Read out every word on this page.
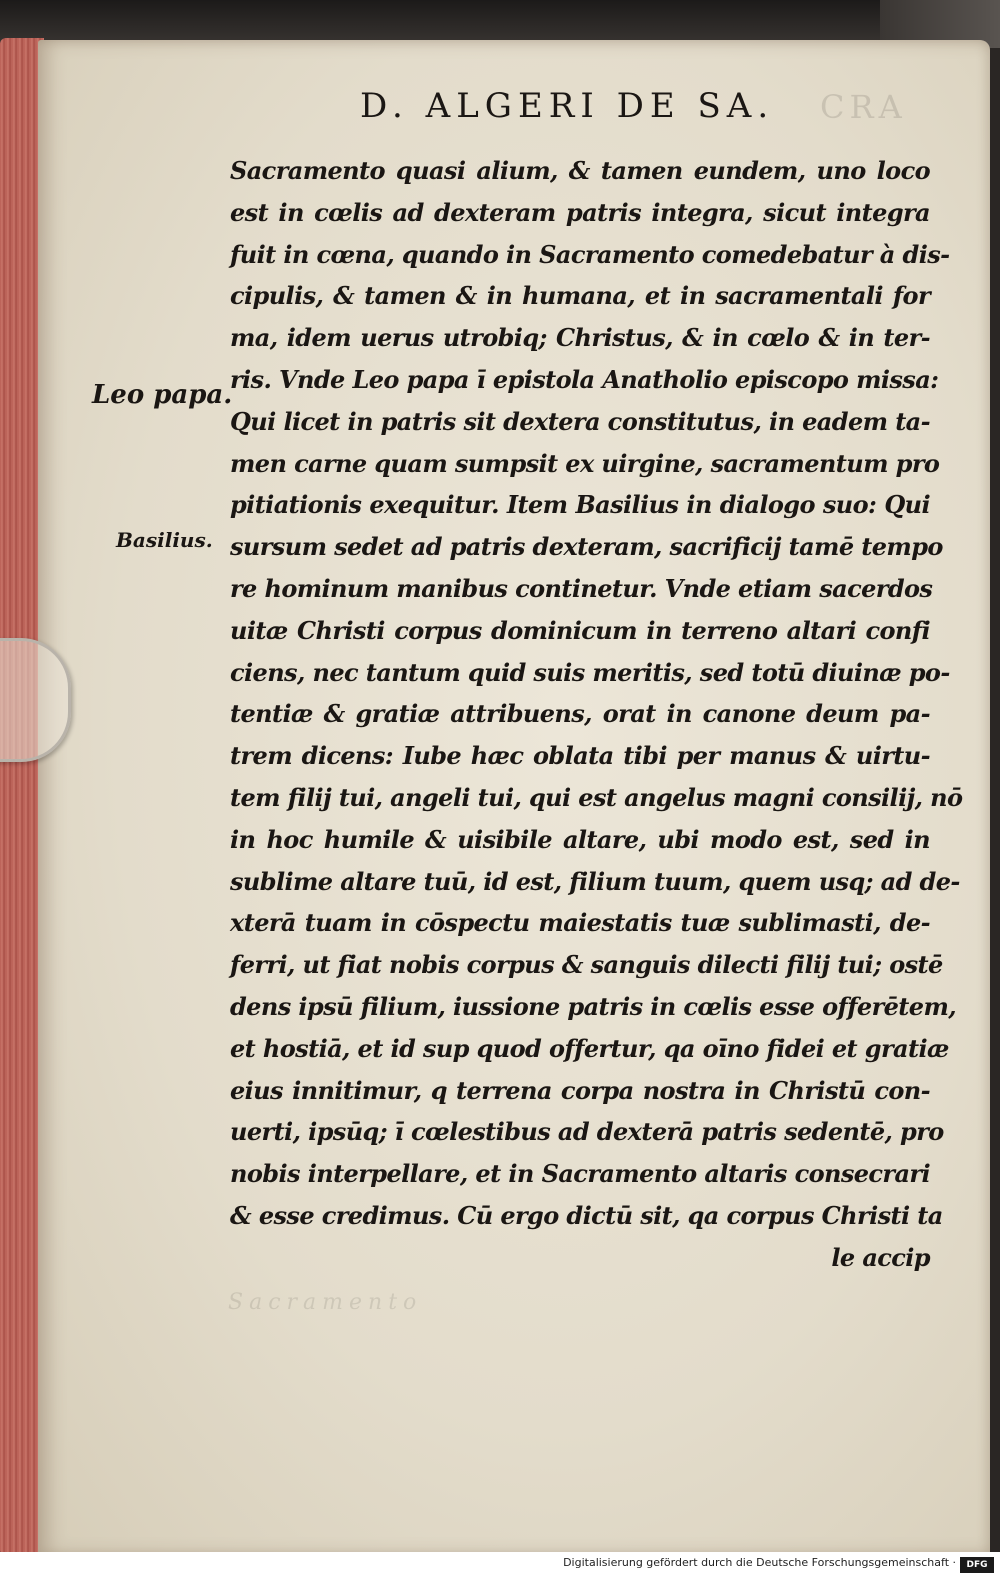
CRA
D. ALGERI DE SA.
Leo papa.
Basilius.
Sacramento quasi alium, & tamen eundem, uno loco
est in cœlis ad dexteram patris integra, sicut integra
fuit in cœna, quando in Sacramento comedebatur à dis-
cipulis, & tamen & in humana, et in sacramentali for
ma, idem uerus utrobiq; Christus, & in cœlo & in ter-
ris. Vnde Leo papa ī epistola Anatholio episcopo missa:
Qui licet in patris sit dextera constitutus, in eadem ta-
men carne quam sumpsit ex uirgine, sacramentum pro
pitiationis exequitur. Item Basilius in dialogo suo: Qui
sursum sedet ad patris dexteram, sacrificij tamē tempo
re hominum manibus continetur. Vnde etiam sacerdos
uitæ Christi corpus dominicum in terreno altari confi
ciens, nec tantum quid suis meritis, sed totū diuinæ po-
tentiæ & gratiæ attribuens, orat in canone deum pa-
trem dicens: Iube hæc oblata tibi per manus & uirtu-
tem filij tui, angeli tui, qui est angelus magni consilij, nō
in hoc humile & uisibile altare, ubi modo est, sed in
sublime altare tuū, id est, filium tuum, quem usq; ad de-
xterā tuam in cōspectu maiestatis tuæ sublimasti, de-
ferri, ut fiat nobis corpus & sanguis dilecti filij tui; ostē
dens ipsū filium, iussione patris in cœlis esse offerētem,
et hostiā, et id sup quod offertur, qa oīno fidei et gratiæ
eius innitimur, q terrena corpa nostra in Christū con-
uerti, ipsūq; ī cœlestibus ad dexterā patris sedentē, pro
nobis interpellare, et in Sacramento altaris consecrari
& esse credimus. Cū ergo dictū sit, qa corpus Christi ta
le accip
Sacramento
Digitalisierung gefördert durch die Deutsche Forschungsgemeinschaft ·	DFG
